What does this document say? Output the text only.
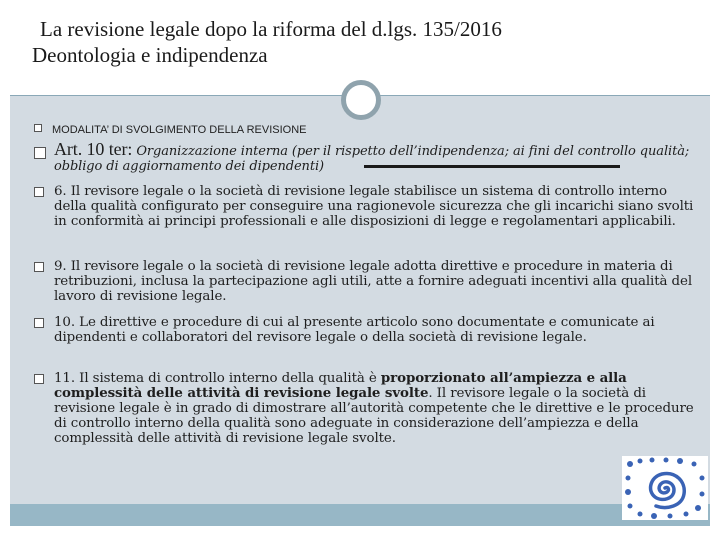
La revisione legale dopo la riforma del d.lgs. 135/2016
Deontologia e indipendenza
MODALITA’ DI SVOLGIMENTO DELLA REVISIONE
Art. 10 ter: Organizzazione interna (per il rispetto dell’indipendenza; ai fini del controllo qualità; obbligo di aggiornamento dei dipendenti)
6. Il revisore legale o la società di revisione legale stabilisce un sistema di controllo interno della qualità configurato per conseguire una ragionevole sicurezza che gli incarichi siano svolti in conformità ai principi professionali e alle disposizioni di legge e regolamentari applicabili.
9. Il revisore legale o la società di revisione legale adotta direttive e procedure in materia di retribuzioni, inclusa la partecipazione agli utili, atte a fornire adeguati incentivi alla qualità del lavoro di revisione legale.
10. Le direttive e procedure di cui al presente articolo sono documentate e comunicate ai dipendenti e collaboratori del revisore legale o della società di revisione legale.
11. Il sistema di controllo interno della qualità è proporzionato all’ampiezza e alla complessità delle attività di revisione legale svolte. Il revisore legale o la società di revisione legale è in grado di dimostrare all’autorità competente che le direttive e le procedure di controllo interno della qualità sono adeguate in considerazione dell’ampiezza e della complessità delle attività di revisione legale svolte.
